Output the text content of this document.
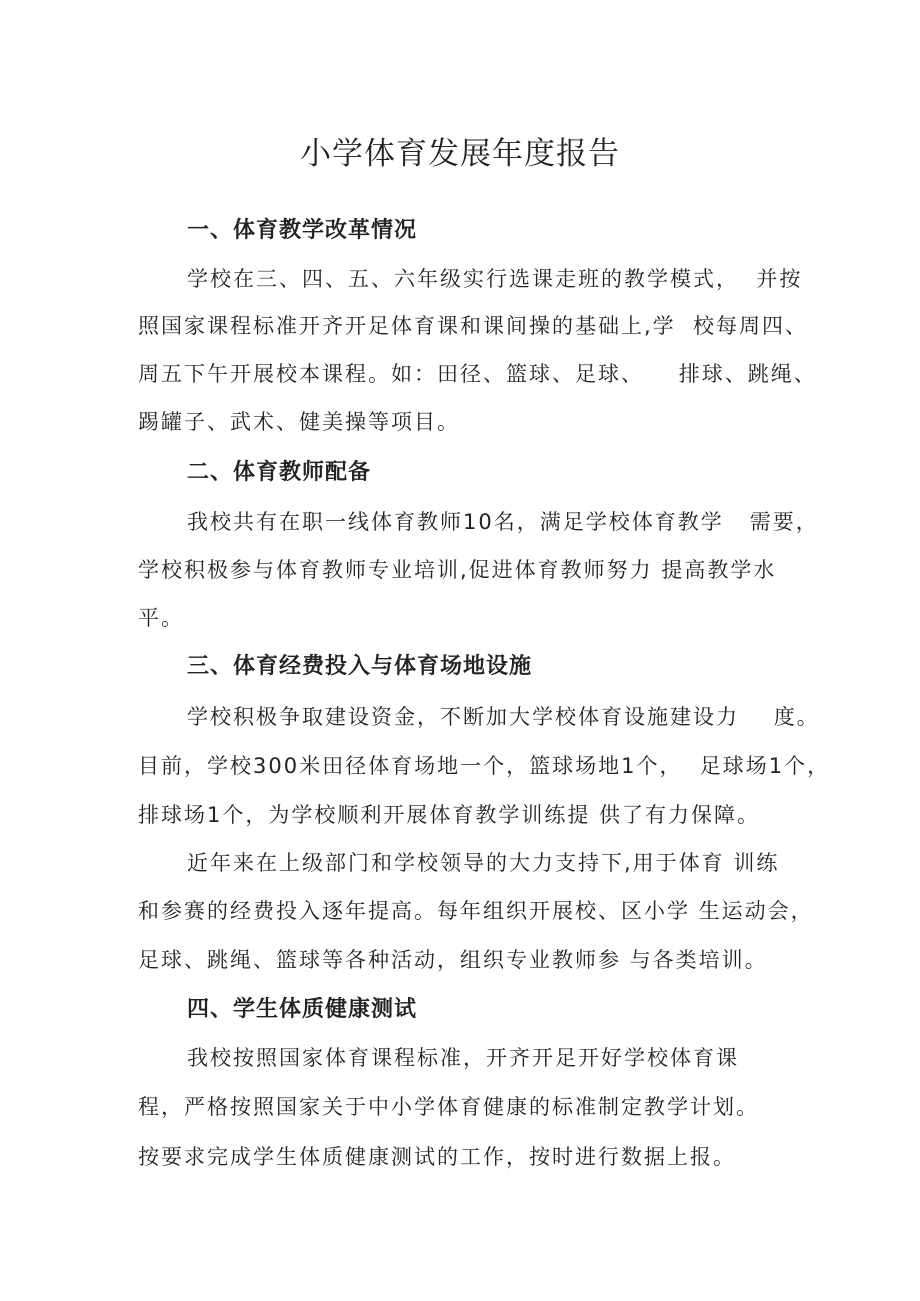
小学体育发展年度报告
一、体育教学改革情况
学校在三、四、五、六年级实行选课走班的教学模式，  并按
照国家课程标准开齐开足体育课和课间操的基础上,学  校每周四、
周五下午开展校本课程。如：田径、篮球、足球、    排球、跳绳、
踢罐子、武术、健美操等项目。
二、体育教师配备
我校共有在职一线体育教师10名，满足学校体育教学   需要，
学校积极参与体育教师专业培训,促进体育教师努力 提高教学水
平。
三、体育经费投入与体育场地设施
学校积极争取建设资金，不断加大学校体育设施建设力    度。
目前，学校300米田径体育场地一个，篮球场地1个，  足球场1个，
排球场1个，为学校顺利开展体育教学训练提 供了有力保障。
近年来在上级部门和学校领导的大力支持下,用于体育 训练
和参赛的经费投入逐年提高。每年组织开展校、区小学 生运动会，
足球、跳绳、篮球等各种活动，组织专业教师参 与各类培训。
四、学生体质健康测试
我校按照国家体育课程标准，开齐开足开好学校体育课
程，严格按照国家关于中小学体育健康的标准制定教学计划。
按要求完成学生体质健康测试的工作，按时进行数据上报。
